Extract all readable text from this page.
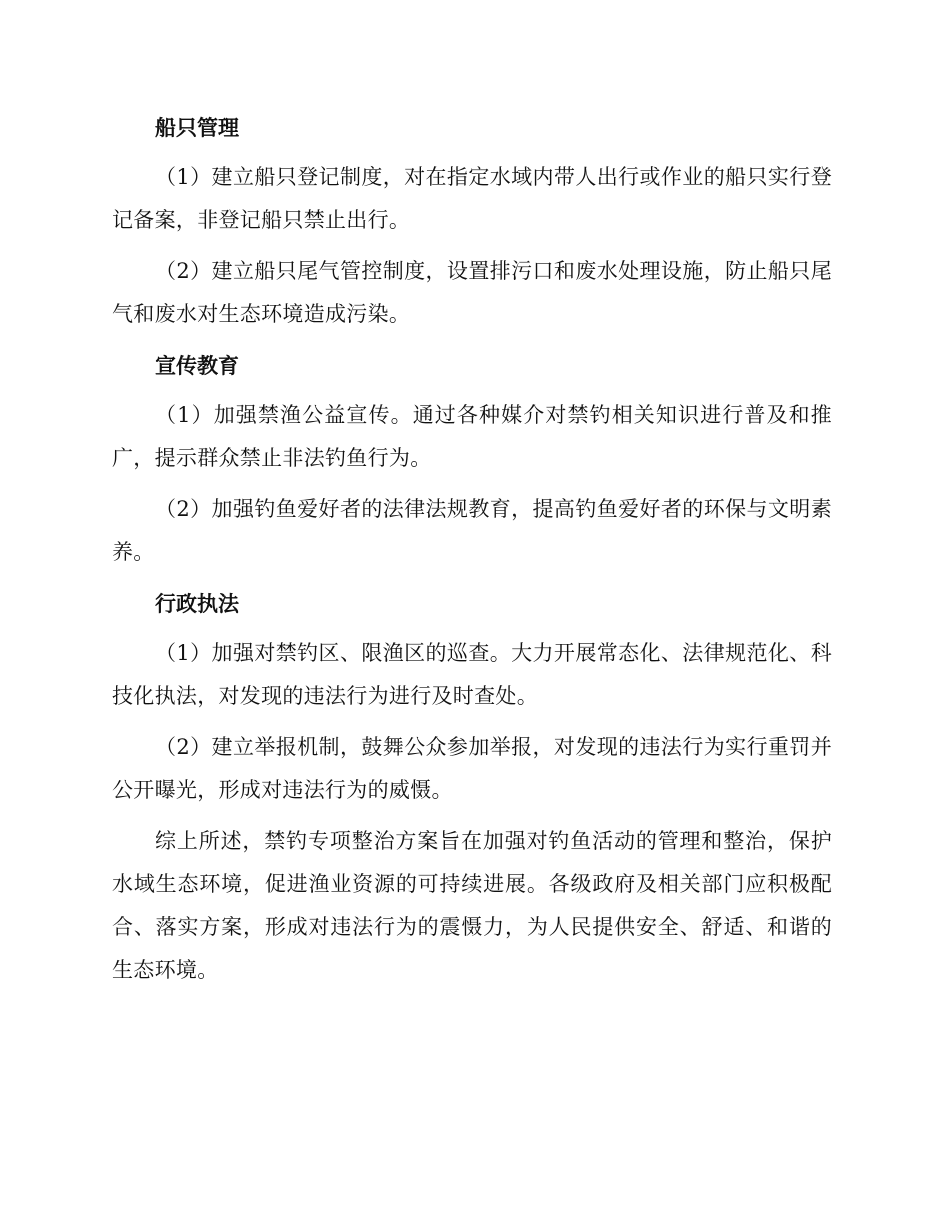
船只管理

（1）建立船只登记制度，对在指定水域内带人出行或作业的船只实行登记备案，非登记船只禁止出行。

（2）建立船只尾气管控制度，设置排污口和废水处理设施，防止船只尾气和废水对生态环境造成污染。

宣传教育

（1）加强禁渔公益宣传。通过各种媒介对禁钓相关知识进行普及和推广，提示群众禁止非法钓鱼行为。

（2）加强钓鱼爱好者的法律法规教育，提高钓鱼爱好者的环保与文明素养。

行政执法

（1）加强对禁钓区、限渔区的巡查。大力开展常态化、法律规范化、科技化执法，对发现的违法行为进行及时查处。

（2）建立举报机制，鼓舞公众参加举报，对发现的违法行为实行重罚并公开曝光，形成对违法行为的威慑。

综上所述，禁钓专项整治方案旨在加强对钓鱼活动的管理和整治，保护水域生态环境，促进渔业资源的可持续进展。各级政府及相关部门应积极配合、落实方案，形成对违法行为的震慑力，为人民提供安全、舒适、和谐的生态环境。
